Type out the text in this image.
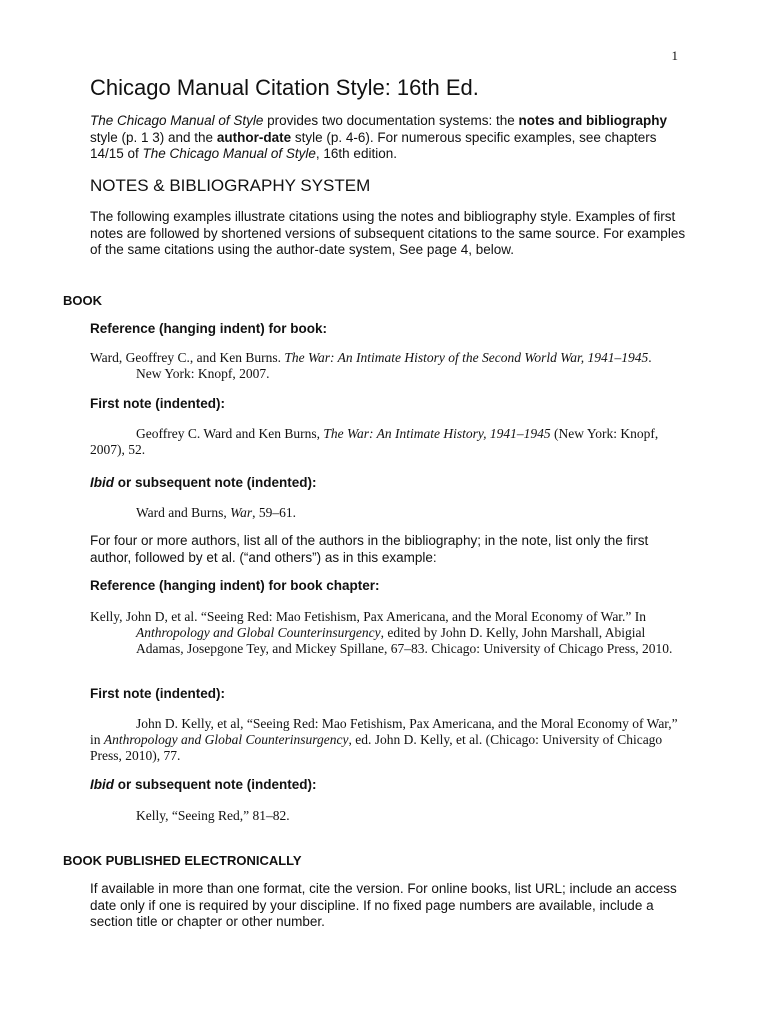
1
Chicago Manual Citation Style: 16th Ed.

The Chicago Manual of Style provides two documentation systems: the notes and bibliography style (p. 1 3) and the author-date style (p. 4-6). For numerous specific examples, see chapters 14/15 of The Chicago Manual of Style, 16th edition.

NOTES & BIBLIOGRAPHY SYSTEM

The following examples illustrate citations using the notes and bibliography style. Examples of first notes are followed by shortened versions of subsequent citations to the same source. For examples of the same citations using the author-date system, See page 4, below.

BOOK
Reference (hanging indent) for book:

Ward, Geoffrey C., and Ken Burns. The War: An Intimate History of the Second World War, 1941–1945. New York: Knopf, 2007.

First note (indented):

Geoffrey C. Ward and Ken Burns, The War: An Intimate History, 1941–1945 (New York: Knopf, 2007), 52.

Ibid or subsequent note (indented):

Ward and Burns, War, 59–61.

For four or more authors, list all of the authors in the bibliography; in the note, list only the first author, followed by et al. (“and others”) as in this example:

Reference (hanging indent) for book chapter:

Kelly, John D, et al. “Seeing Red: Mao Fetishism, Pax Americana, and the Moral Economy of War.” In Anthropology and Global Counterinsurgency, edited by John D. Kelly, John Marshall, Abigial Adamas, Josepgone Tey, and Mickey Spillane, 67–83. Chicago: University of Chicago Press, 2010.

First note (indented):

John D. Kelly, et al, “Seeing Red: Mao Fetishism, Pax Americana, and the Moral Economy of War,” in Anthropology and Global Counterinsurgency, ed. John D. Kelly, et al. (Chicago: University of Chicago Press, 2010), 77.

Ibid or subsequent note (indented):

Kelly, “Seeing Red,” 81–82.

BOOK PUBLISHED ELECTRONICALLY

If available in more than one format, cite the version. For online books, list URL; include an access date only if one is required by your discipline. If no fixed page numbers are available, include a section title or chapter or other number.
